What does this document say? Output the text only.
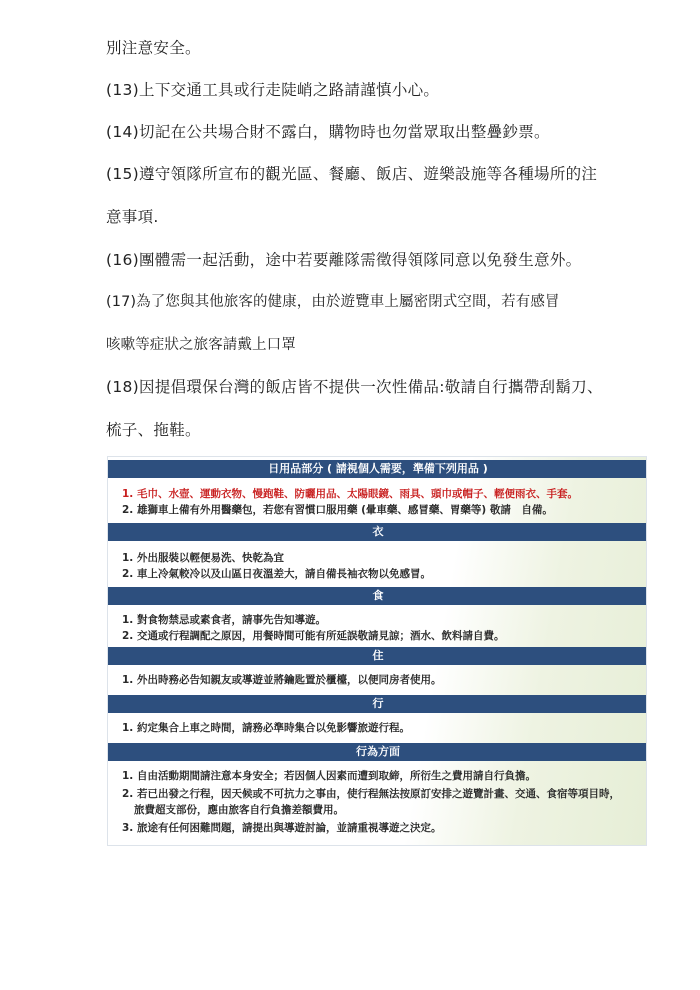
別注意安全。
(13)上下交通工具或行走陡峭之路請謹慎小心。
(14)切記在公共場合財不露白，購物時也勿當眾取出整疊鈔票。
(15)遵守領隊所宣布的觀光區、餐廳、飯店、遊樂設施等各種場所的注
意事項.
(16)團體需一起活動，途中若要離隊需徵得領隊同意以免發生意外。
(17)為了您與其他旅客的健康，由於遊覽車上屬密閉式空間，若有感冒
咳嗽等症狀之旅客請戴上口罩
(18)因提倡環保台灣的飯店皆不提供一次性備品:敬請自行攜帶刮鬍刀、
梳子、拖鞋。
日用品部分 ( 請視個人需要，準備下列用品 )
1. 毛巾、水壺、運動衣物、慢跑鞋、防曬用品、太陽眼鏡、雨具、頭巾或帽子、輕便雨衣、手套。
2. 雄獅車上備有外用醫藥包，若您有習慣口服用藥 (暈車藥、感冒藥、胃藥等) 敬請　自備。
衣
1. 外出服裝以輕便易洗、快乾為宜
2. 車上冷氣較冷以及山區日夜溫差大，請自備長袖衣物以免感冒。
食
1. 對食物禁忌或素食者，請事先告知導遊。
2. 交通或行程調配之原因，用餐時間可能有所延誤敬請見諒；酒水、飲料請自費。
住
1. 外出時務必告知親友或導遊並將鑰匙置於櫃檯，以便同房者使用。
行
1. 約定集合上車之時間，請務必準時集合以免影響旅遊行程。
行為方面
1. 自由活動期間請注意本身安全；若因個人因素而遭到取締，所衍生之費用請自行負擔。
2. 若已出發之行程，因天候或不可抗力之事由，使行程無法按原訂安排之遊覽計畫、交通、食宿等項目時，
旅費超支部份，應由旅客自行負擔差額費用。
3. 旅途有任何困難問題，請提出與導遊討論，並請重視導遊之決定。
